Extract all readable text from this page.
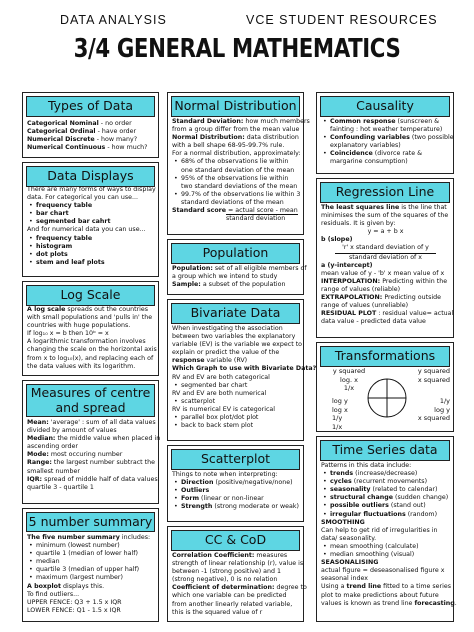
DATA ANALYSIS	VCE STUDENT RESOURCES
3/4 GENERAL MATHEMATICS
Types of Data
Categorical Nominal - no order
Categorical Ordinal - have order
Numerical Discrete - how many?
Numerical Continuous - how much?
Data Displays
There are many forms of ways to display
data. For categorical you can use...
• frequency table
• bar chart
• segmented bar cahrt
And for numerical data you can use...
• frequency table
• histogram
• dot plots
• stem and leaf plots
Log Scale
A log scale spreads out the countries
with small populations and 'pulls in' the
countries with huge populations.
If log₁₀ x = b then 10ᵇ = x
A logarithmic transformation involves
changing the scale on the horizontal axis
from x to log₁₀(x), and replacing each of
the data values with its logarithm.
Measures of centre
and spread
Mean: 'average' : sum of all data values
divided by amount of values
Median: the middle value when placed in
ascending order
Mode: most occuring number
Range: the largest number subtract the
smallest number
IQR: spread of middle half of data values:
quartile 3 - quartile 1
5 number summary
The five number summary includes:
• minimum (lowest number)
• quartile 1 (median of lower half)
• median
• quartile 3 (median of upper half)
• maximum (largest number)
A boxplot displays this.
To find outliers...
UPPER FENCE: Q3 + 1.5 x IQR
LOWER FENCE: Q1 - 1.5 x IQR
Normal Distribution
Standard Deviation: how much members
from a group differ from the mean value
Normal Distribution: data distribution
with a bell shape 68-95-99.7% rule.
For a normal distribution, approximately:
• 68% of the observations lie within
one standard deviation of the mean
• 95% of the observations lie within
two standard deviations of the mean
• 99.7% of the observations lie within 3
standard deviations of the mean
Standard score = actual score - mean
standard deviation
Population
Population: set of all eligible members of
a group which we intend to study
Sample: a subset of the population
Bivariate Data
When investigating the association
between two variables the explanatory
variable (EV) is the variable we expect to
explain or predict the value of the
response variable (RV)
Which Graph to use with Bivariate Data?
RV and EV are both categorical
• segmented bar chart
RV and EV are both numerical
• scatterplot
RV is numerical EV is categorical
• parallel box plot/dot plot
• back to back stem plot
Scatterplot
Things to note when interpreting:
• Direction (positive/negative/none)
• Outliers
• Form (linear or non-linear
• Strength (strong moderate or weak)
CC & CoD
Correlation Coefficient: measures
strength of linear relationship (r), value is
between -1 (strong positive) and 1
(strong negative), 0 is no relation
Coefficient of determination: degree to
which one variable can be predicted
from another linearly related variable,
this is the squared value of r
Causality
• Common response (sunscreen &
fainting : hot weather temperature)
• Confounding variables (two possible
explanatory variables)
• Coincidence (divorce rate &
margarine consumption)
Regression Line
The least squares line is the line that
minimises the sum of the squares of the
residuals. It is given by:
y = a + b x
b (slope)
'r' x standard deviation of y
standard deviation of x
a (y-intercept)
mean value of y - 'b' x mean value of x
INTERPOLATION: Predicting within the
range of values (reliable)
EXTRAPOLATION: Predicting outside
range of values (unreliable)
RESIDUAL PLOT : residual value= actual
data value - predicted data value
Transformations
y squared
log. x
1/x
y squared
x squared
log y
log x
1/y
1/x
1/y
log y
x squared
Time Series data
Patterns in this data include:
• trends (increase/decrease)
• cycles (recurrent movements)
• seasonality (related to calendar)
• structural change (sudden change)
• possible outliers (stand out)
• irregular fluctuations (random)
SMOOTHING
Can help to get rid of irregularities in
data/ seasonality.
• mean smoothing (calculate)
• median smoothing (visual)
SEASONALISING
actual figure = deseasonalised figure x
seasonal index
Using a trend line fitted to a time series
plot to make predictions about future
values is known as trend line forecasting.
